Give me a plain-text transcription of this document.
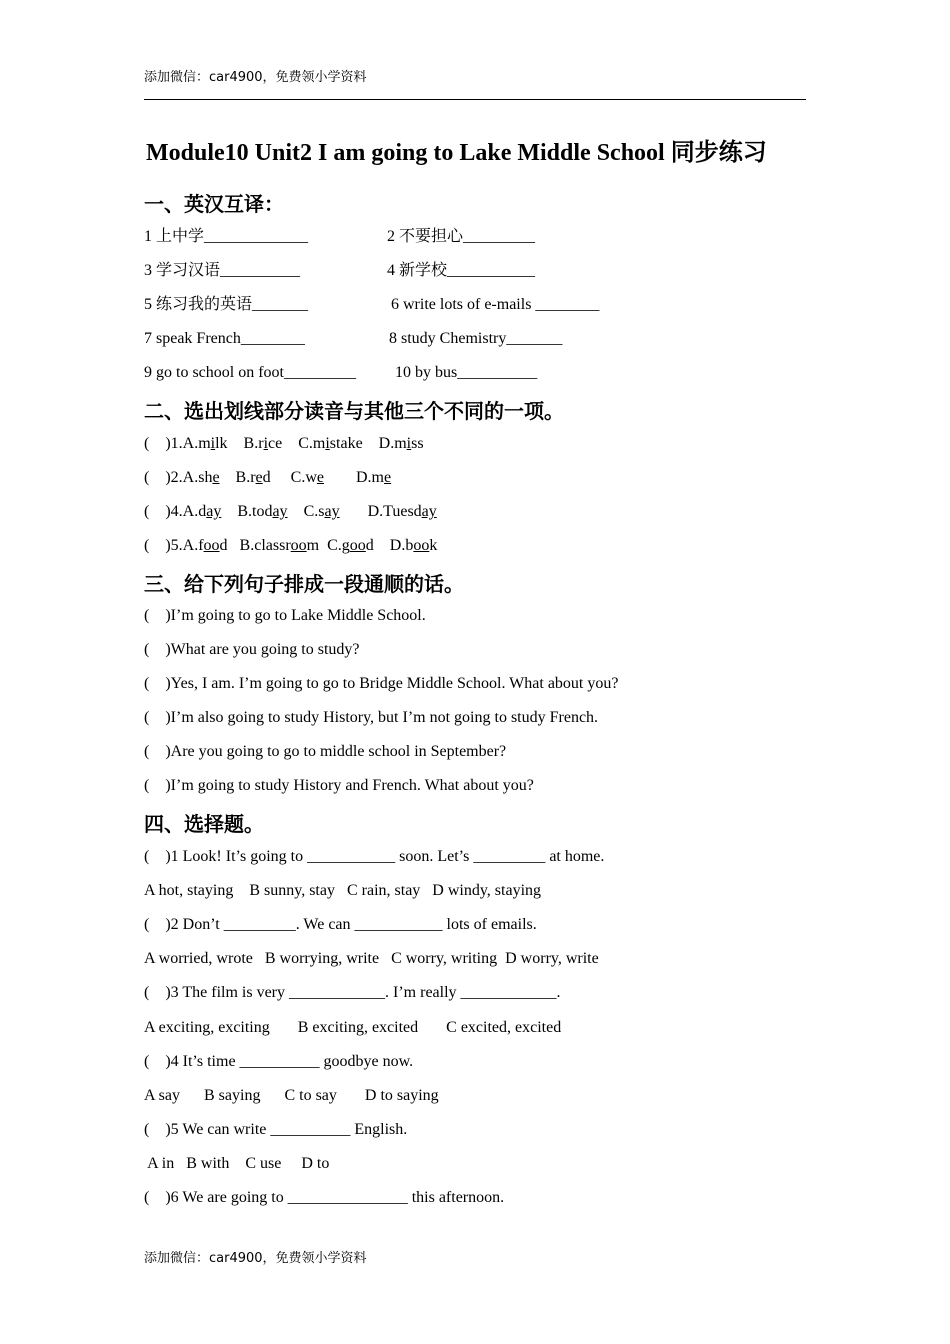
添加微信：car4900，免费领小学资料
Module10 Unit2 I am going to Lake Middle School 同步练习
一、英汉互译：
1 上中学_____________	2 不要担心_________
3 学习汉语__________	4 新学校___________
5 练习我的英语_______	6 write lots of e-mails ________
7 speak French________	8 study Chemistry_______
9 go to school on foot_________ 10 by bus__________
二、选出划线部分读音与其他三个不同的一项。
(    )1.A.milk    B.rice    C.mistake    D.miss
(    )2.A.she    B.red     C.we        D.me
(    )4.A.day    B.today    C.say       D.Tuesday
(    )5.A.food   B.classroom  C.good    D.book
三、给下列句子排成一段通顺的话。
(    )I’m going to go to Lake Middle School.
(    )What are you going to study?
(    )Yes, I am. I’m going to go to Bridge Middle School. What about you?
(    )I’m also going to study History, but I’m not going to study French.
(    )Are you going to go to middle school in September?
(    )I’m going to study History and French. What about you?
四、选择题。
(    )1 Look! It’s going to ___________ soon. Let’s _________ at home.
A hot, staying    B sunny, stay   C rain, stay   D windy, staying
(    )2 Don’t _________. We can ___________ lots of emails.
A worried, wrote   B worrying, write   C worry, writing  D worry, write
(    )3 The film is very ____________. I’m really ____________.
A exciting, exciting       B exciting, excited       C excited, excited
(    )4 It’s time __________ goodbye now.
A say      B saying      C to say       D to saying
(    )5 We can write __________ English.
A in   B with    C use     D to
(    )6 We are going to _______________ this afternoon.
添加微信：car4900，免费领小学资料
